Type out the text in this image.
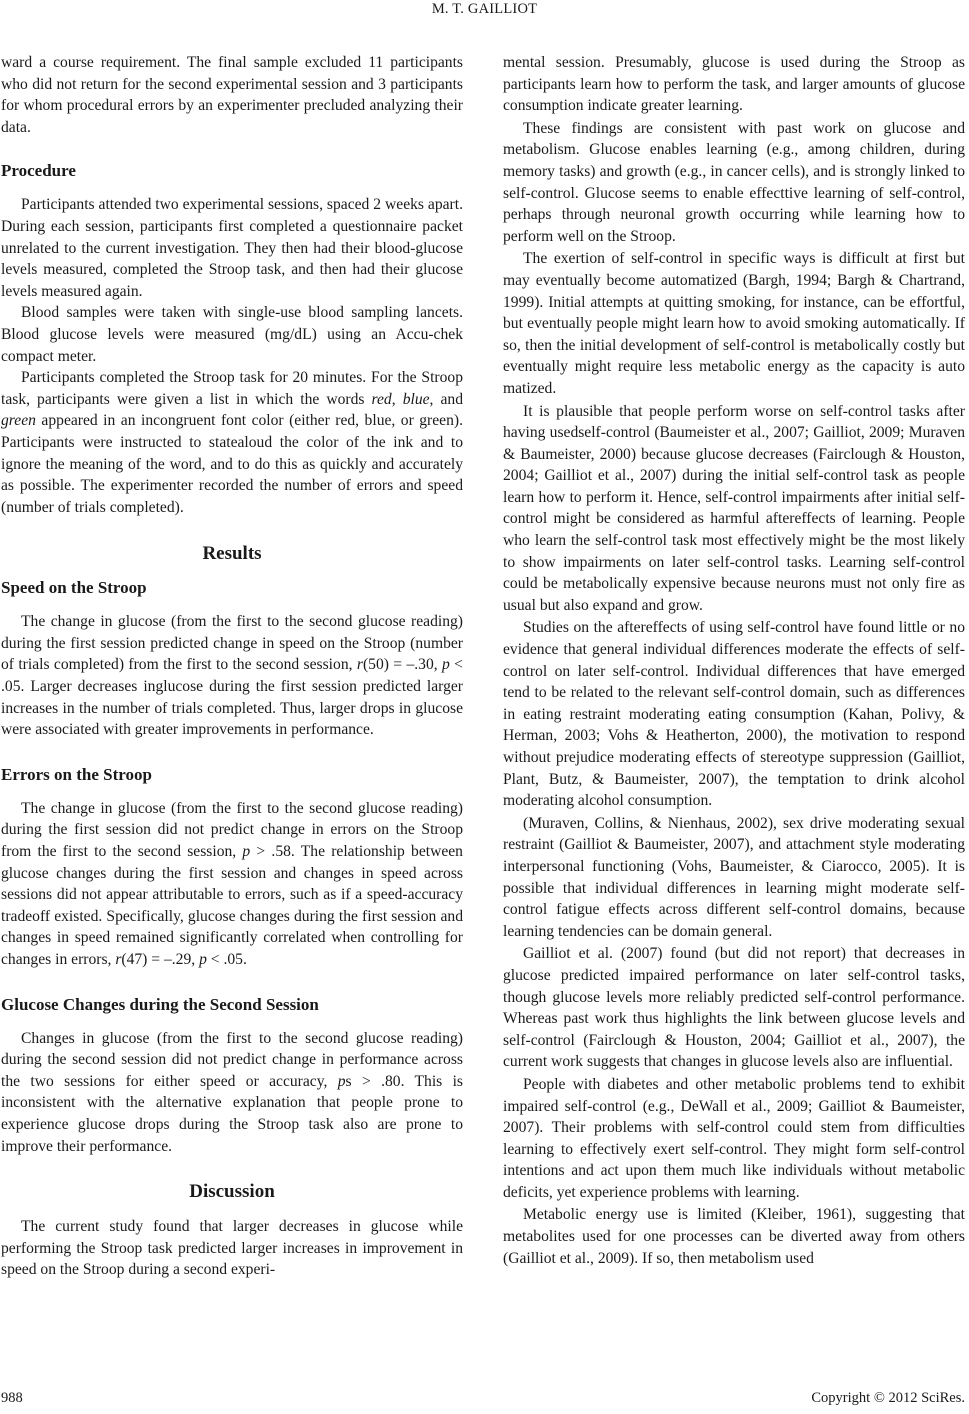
M. T. GAILLIOT

ward a course requirement. The final sample excluded 11 participants who did not return for the second experimental session and 3 participants for whom procedural errors by an experimenter precluded analyzing their data.

Procedure

Participants attended two experimental sessions, spaced 2 weeks apart. During each session, participants first completed a questionnaire packet unrelated to the current investigation. They then had their blood-glucose levels measured, completed the Stroop task, and then had their glucose levels measured again.

Blood samples were taken with single-use blood sampling lancets. Blood glucose levels were measured (mg/dL) using an Accu-chek compact meter.

Participants completed the Stroop task for 20 minutes. For the Stroop task, participants were given a list in which the words red, blue, and green appeared in an incongruent font color (either red, blue, or green). Participants were instructed to statealoud the color of the ink and to ignore the meaning of the word, and to do this as quickly and accurately as possible. The experimenter recorded the number of errors and speed (number of trials completed).

Results
Speed on the Stroop

The change in glucose (from the first to the second glucose reading) during the first session predicted change in speed on the Stroop (number of trials completed) from the first to the second session, r(50) = –.30, p < .05. Larger decreases inglucose during the first session predicted larger increases in the number of trials completed. Thus, larger drops in glucose were associated with greater improvements in performance.

Errors on the Stroop

The change in glucose (from the first to the second glucose reading) during the first session did not predict change in errors on the Stroop from the first to the second session, p > .58. The relationship between glucose changes during the first session and changes in speed across sessions did not appear attributable to errors, such as if a speed-accuracy tradeoff existed. Specifically, glucose changes during the first session and changes in speed remained significantly correlated when controlling for changes in errors, r(47) = –.29, p < .05.

Glucose Changes during the Second Session

Changes in glucose (from the first to the second glucose reading) during the second session did not predict change in performance across the two sessions for either speed or accuracy, ps > .80. This is inconsistent with the alternative explanation that people prone to experience glucose drops during the Stroop task also are prone to improve their performance.

Discussion

The current study found that larger decreases in glucose while performing the Stroop task predicted larger increases in improvement in speed on the Stroop during a second experi-

mental session. Presumably, glucose is used during the Stroop as participants learn how to perform the task, and larger amounts of glucose consumption indicate greater learning.

These findings are consistent with past work on glucose and metabolism. Glucose enables learning (e.g., among children, during memory tasks) and growth (e.g., in cancer cells), and is strongly linked to self-control. Glucose seems to enable effecttive learning of self-control, perhaps through neuronal growth occurring while learning how to perform well on the Stroop.

The exertion of self-control in specific ways is difficult at first but may eventually become automatized (Bargh, 1994; Bargh & Chartrand, 1999). Initial attempts at quitting smoking, for instance, can be effortful, but eventually people might learn how to avoid smoking automatically. If so, then the initial development of self-control is metabolically costly but eventually might require less metabolic energy as the capacity is auto matized.

It is plausible that people perform worse on self-control tasks after having usedself-control (Baumeister et al., 2007; Gailliot, 2009; Muraven & Baumeister, 2000) because glucose decreases (Fairclough & Houston, 2004; Gailliot et al., 2007) during the initial self-control task as people learn how to perform it. Hence, self-control impairments after initial self-control might be considered as harmful aftereffects of learning. People who learn the self-control task most effectively might be the most likely to show impairments on later self-control tasks. Learning self-control could be metabolically expensive because neurons must not only fire as usual but also expand and grow.

Studies on the aftereffects of using self-control have found little or no evidence that general individual differences moderate the effects of self-control on later self-control. Individual differences that have emerged tend to be related to the relevant self-control domain, such as differences in eating restraint moderating eating consumption (Kahan, Polivy, & Herman, 2003; Vohs & Heatherton, 2000), the motivation to respond without prejudice moderating effects of stereotype suppression (Gailliot, Plant, Butz, & Baumeister, 2007), the temptation to drink alcohol moderating alcohol consumption.

(Muraven, Collins, & Nienhaus, 2002), sex drive moderating sexual restraint (Gailliot & Baumeister, 2007), and attachment style moderating interpersonal functioning (Vohs, Baumeister, & Ciarocco, 2005). It is possible that individual differences in learning might moderate self-control fatigue effects across different self-control domains, because learning tendencies can be domain general.

Gailliot et al. (2007) found (but did not report) that decreases in glucose predicted impaired performance on later self-control tasks, though glucose levels more reliably predicted self-control performance. Whereas past work thus highlights the link between glucose levels and self-control (Fairclough & Houston, 2004; Gailliot et al., 2007), the current work suggests that changes in glucose levels also are influential.

People with diabetes and other metabolic problems tend to exhibit impaired self-control (e.g., DeWall et al., 2009; Gailliot & Baumeister, 2007). Their problems with self-control could stem from difficulties learning to effectively exert self-control. They might form self-control intentions and act upon them much like individuals without metabolic deficits, yet experience problems with learning.

Metabolic energy use is limited (Kleiber, 1961), suggesting that metabolites used for one processes can be diverted away from others (Gailliot et al., 2009). If so, then metabolism used

988	Copyright © 2012 SciRes.
